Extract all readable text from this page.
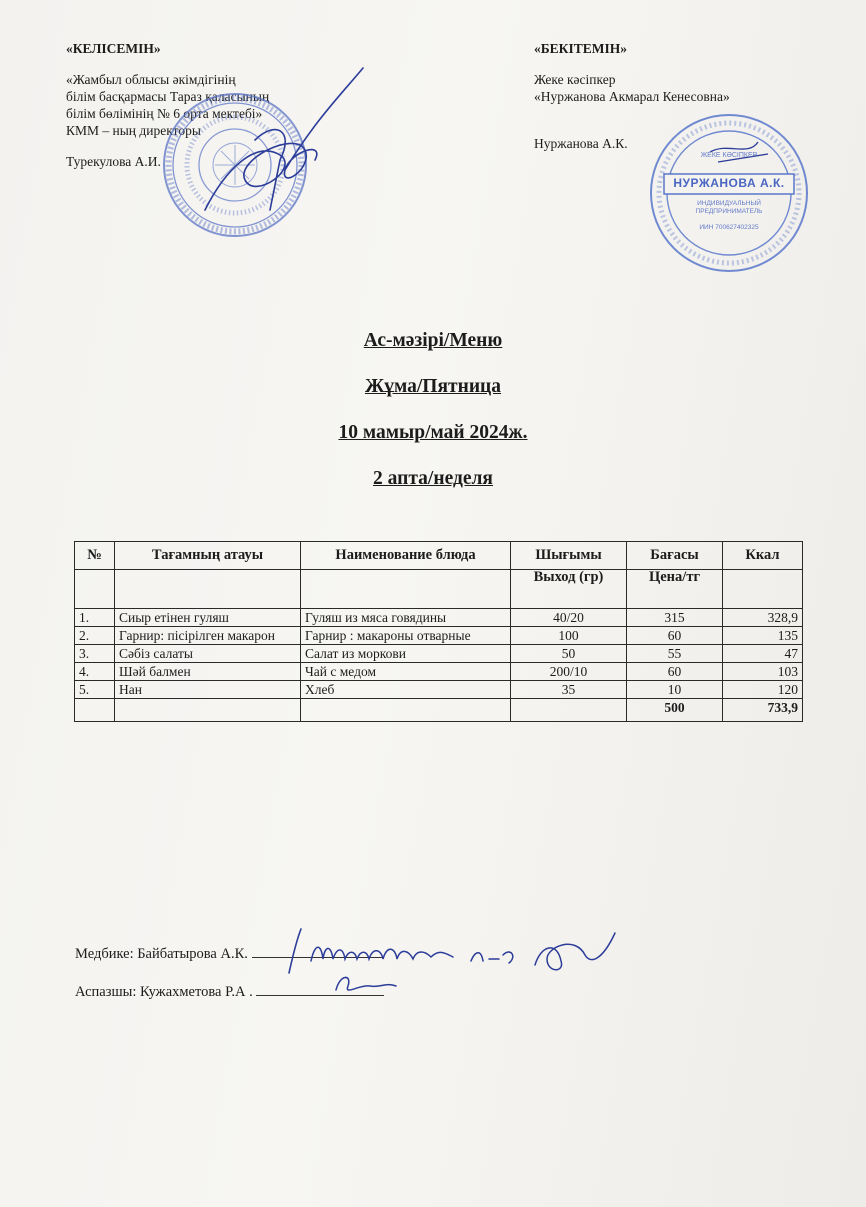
«КЕЛІСЕМІН»
«Жамбыл облысы әкімдігінің
білім басқармасы Тараз қаласының
білім бөлімінің № 6 орта мектебі»
КММ – ның директоры
Турекулова А.И.
«БЕКІТЕМІН»
Жеке кәсіпкер
«Нуржанова Акмарал Кенесовна»
Нуржанова А.К.
НУРЖАНОВА А.К.
ЖЕКЕ КӘСІПКЕР
ИНДИВИДУАЛЬНЫЙ ПРЕДПРИНИМАТЕЛЬ
ИИН 700627402325
Ас-мәзірі/Меню
Жұма/Пятница
10 мамыр/май 2024ж.
2 апта/неделя
№	Тағамның атауы	Наименование блюда	Шығымы	Бағасы	Ккал
			Выход (гр)	Цена/тг	
1.	Сиыр етінен гуляш	Гуляш из мяса говядины	40/20	315	328,9
2.	Гарнир: пісірілген макарон	Гарнир : макароны отварные	100	60	135
3.	Сәбіз салаты	Салат из моркови	50	55	47
4.	Шәй балмен	Чай с медом	200/10	60	103
5.	Нан	Хлеб	35	10	120
				500	733,9
Медбике: Байбатырова А.К.
Аспазшы: Кужахметова Р.А .
